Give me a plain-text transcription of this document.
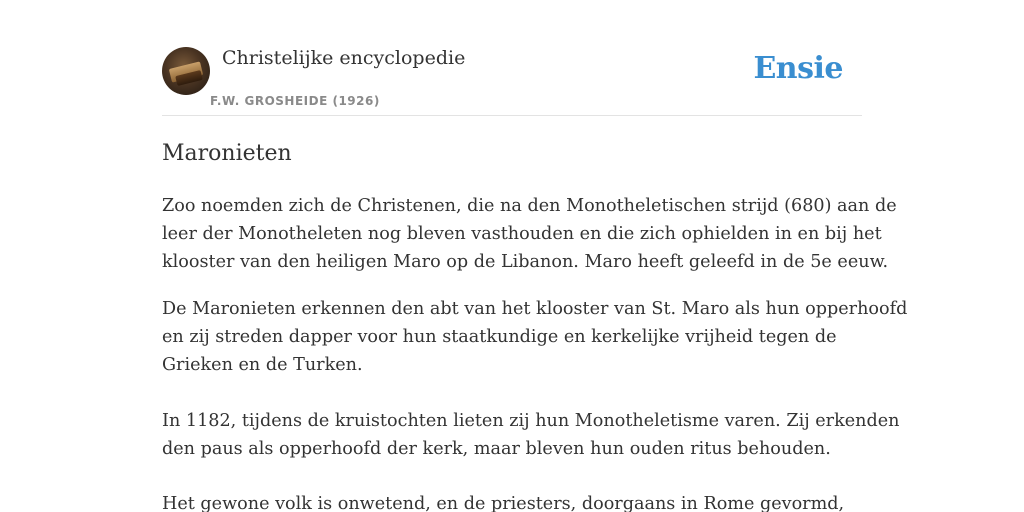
Christelijke encyclopedie
F.W. GROSHEIDE (1926)
Ensie
Maronieten

Zoo noemden zich de Christenen, die na den Monotheletischen strijd (680) aan de
leer der Monotheleten nog bleven vasthouden en die zich ophielden in en bij het
klooster van den heiligen Maro op de Libanon. Maro heeft geleefd in de 5e eeuw.

De Maronieten erkennen den abt van het klooster van St. Maro als hun opperhoofd
en zij streden dapper voor hun staatkundige en kerkelijke vrijheid tegen de
Grieken en de Turken.

In 1182, tijdens de kruistochten lieten zij hun Monotheletisme varen. Zij erkenden
den paus als opperhoofd der kerk, maar bleven hun ouden ritus behouden.

Het gewone volk is onwetend, en de priesters, doorgaans in Rome gevormd,
